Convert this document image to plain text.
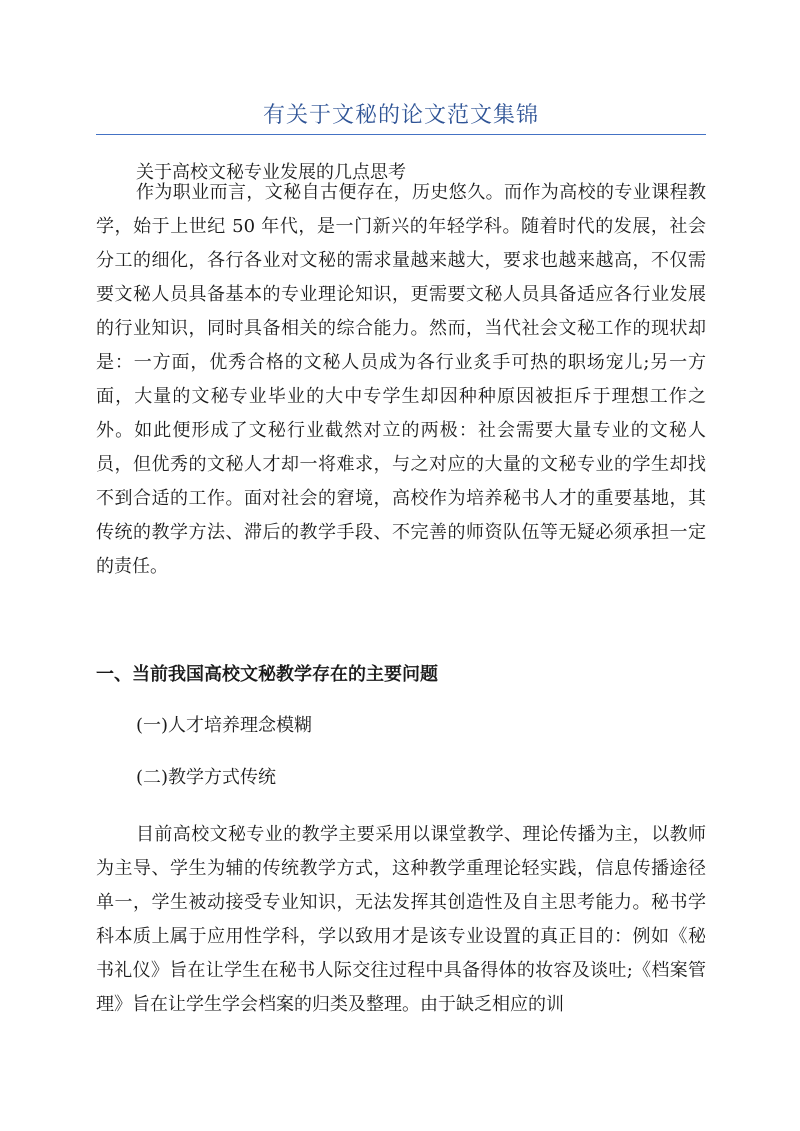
有关于文秘的论文范文集锦

关于高校文秘专业发展的几点思考

作为职业而言，文秘自古便存在，历史悠久。而作为高校的专业课程教学，始于上世纪 50 年代，是一门新兴的年轻学科。随着时代的发展，社会分工的细化，各行各业对文秘的需求量越来越大，要求也越来越高，不仅需要文秘人员具备基本的专业理论知识，更需要文秘人员具备适应各行业发展的行业知识，同时具备相关的综合能力。然而，当代社会文秘工作的现状却是：一方面，优秀合格的文秘人员成为各行业炙手可热的职场宠儿;另一方面，大量的文秘专业毕业的大中专学生却因种种原因被拒斥于理想工作之外。如此便形成了文秘行业截然对立的两极：社会需要大量专业的文秘人员，但优秀的文秘人才却一将难求，与之对应的大量的文秘专业的学生却找不到合适的工作。面对社会的窘境，高校作为培养秘书人才的重要基地，其传统的教学方法、滞后的教学手段、不完善的师资队伍等无疑必须承担一定的责任。

一、当前我国高校文秘教学存在的主要问题

(一)人才培养理念模糊

(二)教学方式传统

目前高校文秘专业的教学主要采用以课堂教学、理论传播为主，以教师为主导、学生为辅的传统教学方式，这种教学重理论轻实践，信息传播途径单一，学生被动接受专业知识，无法发挥其创造性及自主思考能力。秘书学科本质上属于应用性学科，学以致用才是该专业设置的真正目的：例如《秘书礼仪》旨在让学生在秘书人际交往过程中具备得体的妆容及谈吐;《档案管理》旨在让学生学会档案的归类及整理。由于缺乏相应的训
